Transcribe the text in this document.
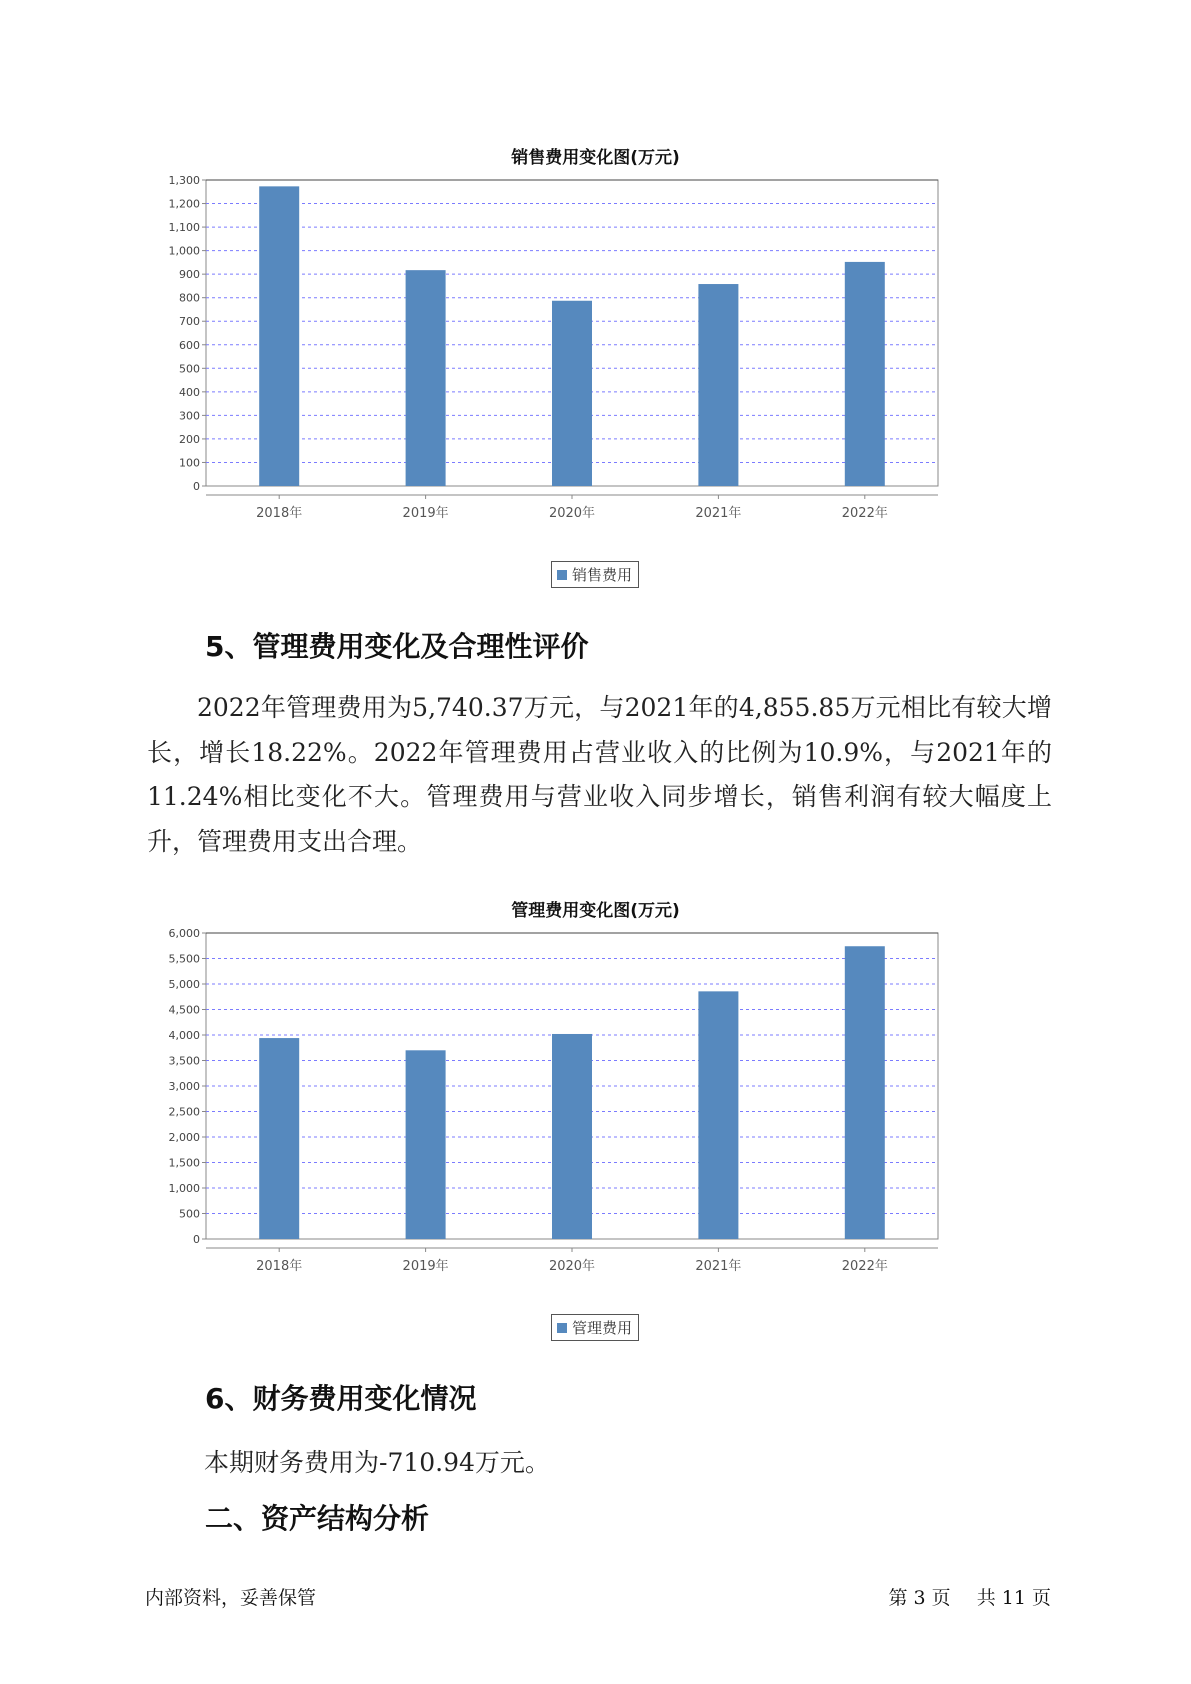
销售费用变化图(万元)
0
100
200
300
400
500
600
700
800
900
1,000
1,100
1,200
1,300
2018年	2019年	2020年	2021年	2022年
销售费用
5、管理费用变化及合理性评价

2022年管理费用为5,740.37万元，与2021年的4,855.85万元相比有较大增长，增长18.22%。2022年管理费用占营业收入的比例为10.9%，与2021年的11.24%相比变化不大。管理费用与营业收入同步增长，销售利润有较大幅度上升，管理费用支出合理。

管理费用变化图(万元)
0
500
1,000
1,500
2,000
2,500
3,000
3,500
4,000
4,500
5,000
5,500
6,000
2018年	2019年	2020年	2021年	2022年
管理费用
6、财务费用变化情况

本期财务费用为-710.94万元。

二、资产结构分析
内部资料，妥善保管	第 3 页
共 11 页
